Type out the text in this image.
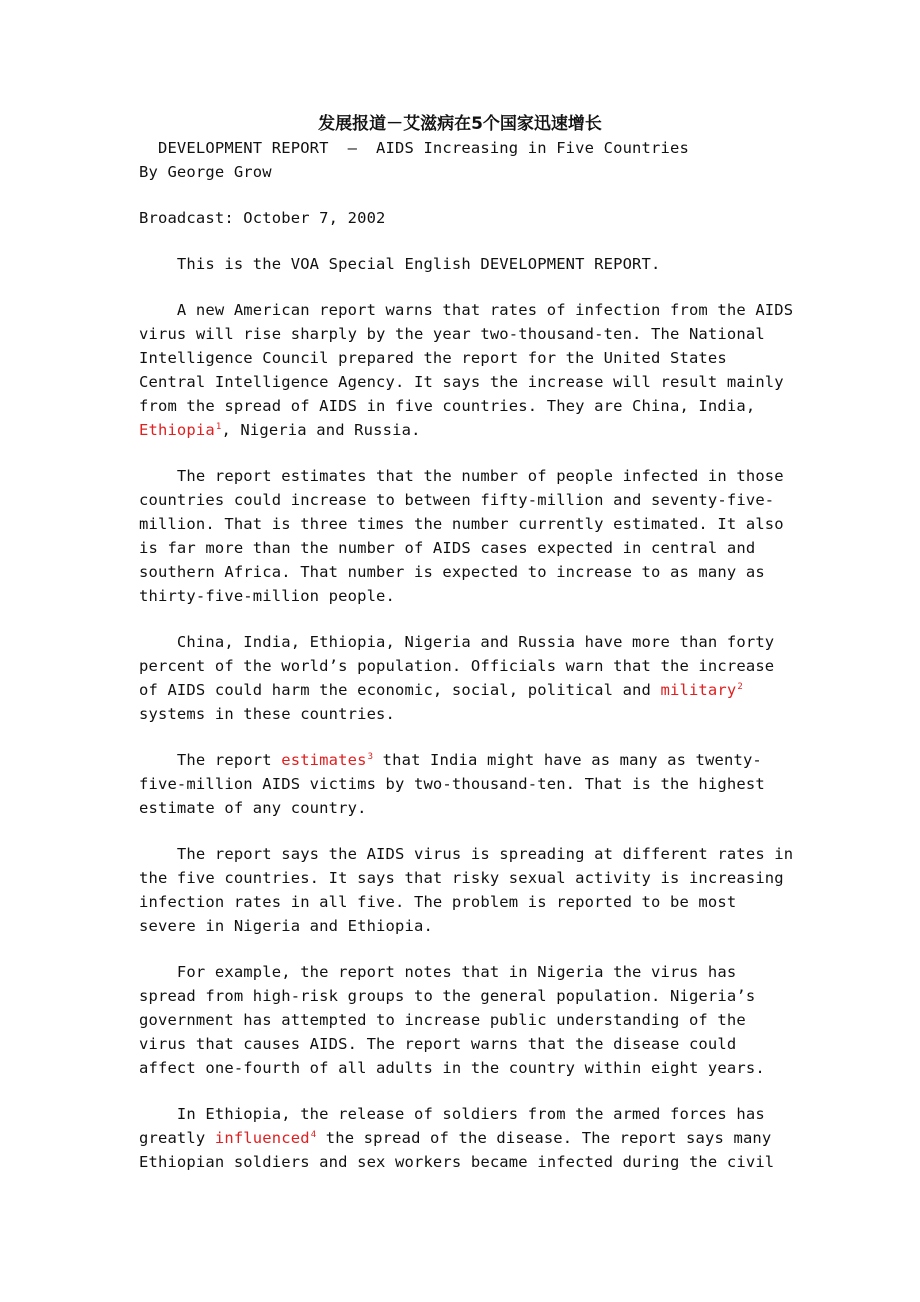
发展报道－艾滋病在5个国家迅速增长
DEVELOPMENT REPORT  –  AIDS Increasing in Five Countries
By George Grow
Broadcast: October 7, 2002
This is the VOA Special English DEVELOPMENT REPORT.
A new American report warns that rates of infection from the AIDS
virus will rise sharply by the year two-thousand-ten. The National
Intelligence Council prepared the report for the United States
Central Intelligence Agency. It says the increase will result mainly
from the spread of AIDS in five countries. They are China, India,
Ethiopia$^1$, Nigeria and Russia.
The report estimates that the number of people infected in those
countries could increase to between fifty-million and seventy-five-
million. That is three times the number currently estimated. It also
is far more than the number of AIDS cases expected in central and
southern Africa. That number is expected to increase to as many as
thirty-five-million people.
China, India, Ethiopia, Nigeria and Russia have more than forty
percent of the world’s population. Officials warn that the increase
of AIDS could harm the economic, social, political and military$^2$
systems in these countries.
The report estimates$^3$ that India might have as many as twenty-
five-million AIDS victims by two-thousand-ten. That is the highest
estimate of any country.
The report says the AIDS virus is spreading at different rates in
the five countries. It says that risky sexual activity is increasing
infection rates in all five. The problem is reported to be most
severe in Nigeria and Ethiopia.
For example, the report notes that in Nigeria the virus has
spread from high-risk groups to the general population. Nigeria’s
government has attempted to increase public understanding of the
virus that causes AIDS. The report warns that the disease could
affect one-fourth of all adults in the country within eight years.
In Ethiopia, the release of soldiers from the armed forces has
greatly influenced$^4$ the spread of the disease. The report says many
Ethiopian soldiers and sex workers became infected during the civil
